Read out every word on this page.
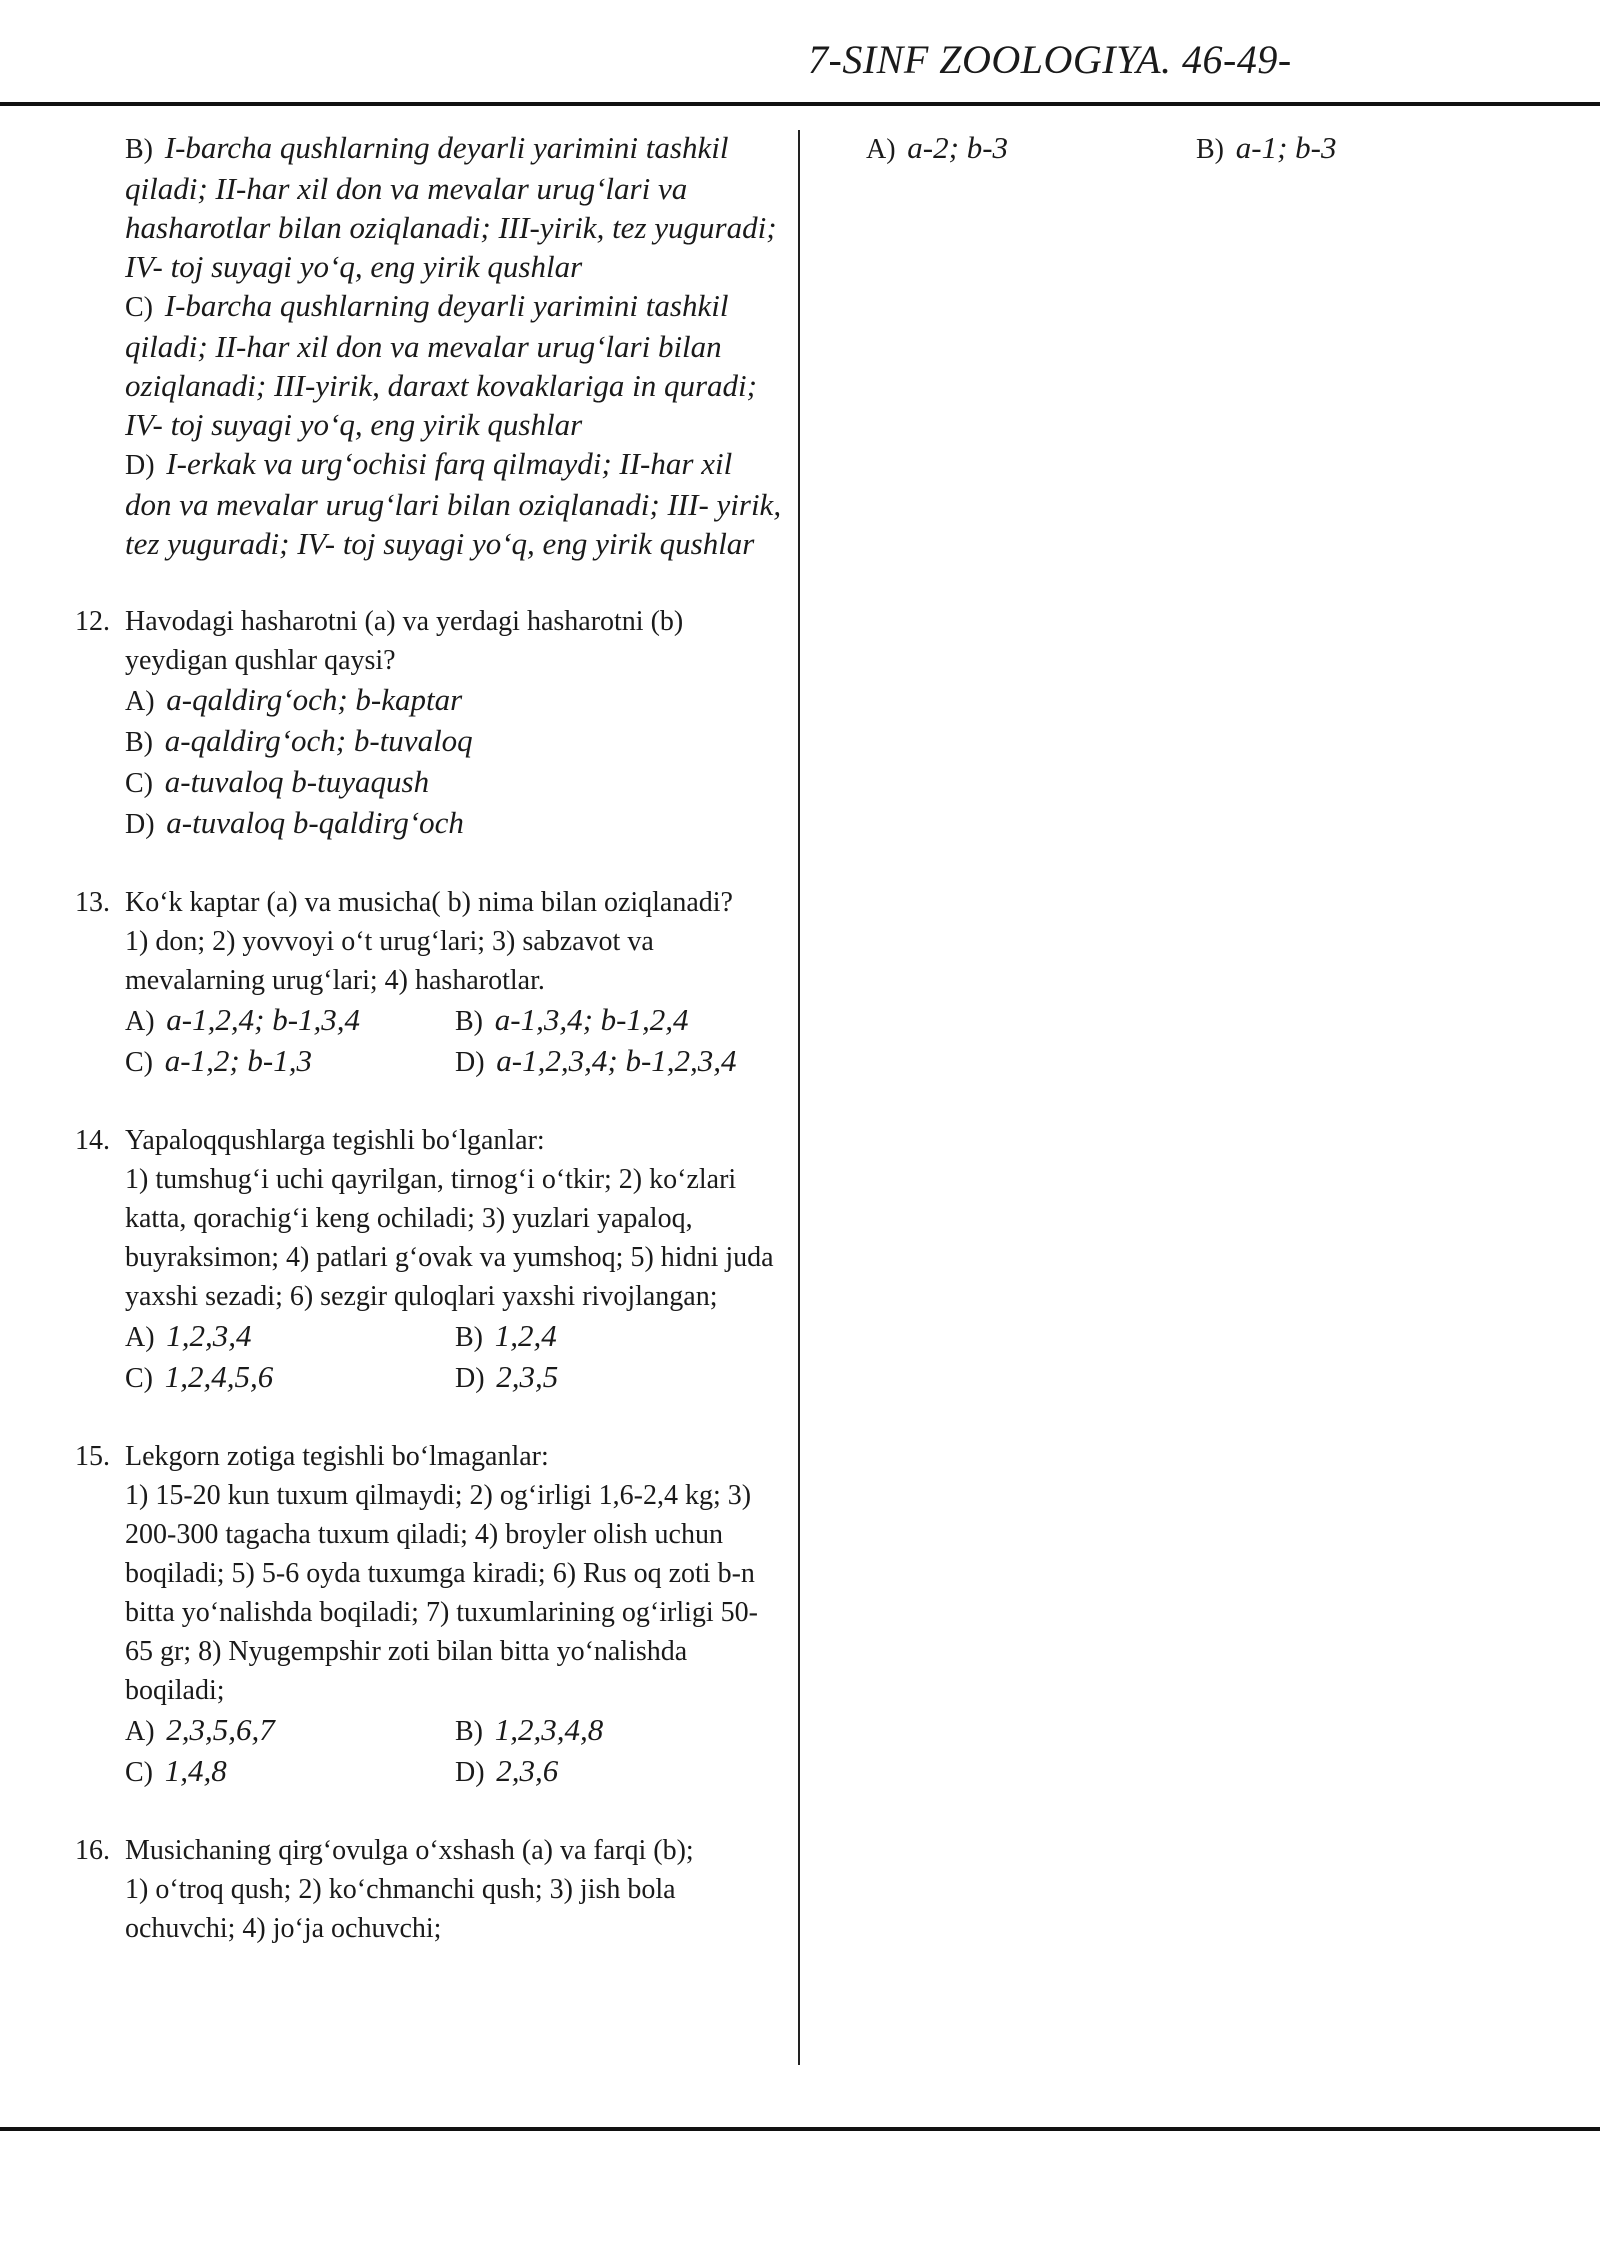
7-SINF ZOOLOGIYA. 46-49-
B) I-barcha qushlarning deyarli yarimini tashkil qiladi; II-har xil don va mevalar urug‘lari va hasharotlar bilan oziqlanadi; III-yirik, tez yuguradi; IV- toj suyagi yo‘q, eng yirik qushlar
C) I-barcha qushlarning deyarli yarimini tashkil qiladi; II-har xil don va mevalar urug‘lari bilan oziqlanadi; III-yirik, daraxt kovaklariga in quradi; IV- toj suyagi yo‘q, eng yirik qushlar
D) I-erkak va urg‘ochisi farq qilmaydi; II-har xil don va mevalar urug‘lari bilan oziqlanadi; III- yirik, tez yuguradi; IV- toj suyagi yo‘q, eng yirik qushlar
12. Havodagi hasharotni (a) va yerdagi hasharotni (b) yeydigan qushlar qaysi?
A) a-qaldirg‘och; b-kaptar
B) a-qaldirg‘och; b-tuvaloq
C) a-tuvaloq b-tuyaqush
D) a-tuvaloq b-qaldirg‘och
13. Ko‘k kaptar (a) va musicha( b) nima bilan oziqlanadi?
1) don; 2) yovvoyi o‘t urug‘lari; 3) sabzavot va mevalarning urug‘lari; 4) hasharotlar.
A) a-1,2,4; b-1,3,4	B) a-1,3,4; b-1,2,4
C) a-1,2; b-1,3	D) a-1,2,3,4; b-1,2,3,4
14. Yapaloqqushlarga tegishli bo‘lganlar:
1) tumshug‘i uchi qayrilgan, tirnog‘i o‘tkir; 2) ko‘zlari katta, qorachig‘i keng ochiladi; 3) yuzlari yapaloq, buyraksimon; 4) patlari g‘ovak va yumshoq; 5) hidni juda yaxshi sezadi; 6) sezgir quloqlari yaxshi rivojlangan;
A) 1,2,3,4	B) 1,2,4
C) 1,2,4,5,6	D) 2,3,5
15. Lekgorn zotiga tegishli bo‘lmaganlar:
1) 15-20 kun tuxum qilmaydi; 2) og‘irligi 1,6-2,4 kg; 3) 200-300 tagacha tuxum qiladi; 4) broyler olish uchun boqiladi; 5) 5-6 oyda tuxumga kiradi; 6) Rus oq zoti b-n bitta yo‘nalishda boqiladi; 7) tuxumlarining og‘irligi 50-65 gr; 8) Nyugempshir zoti bilan bitta yo‘nalishda boqiladi;
A) 2,3,5,6,7	B) 1,2,3,4,8
C) 1,4,8	D) 2,3,6
16. Musichaning qirg‘ovulga o‘xshash (a) va farqi (b);
1) o‘troq qush; 2) ko‘chmanchi qush; 3) jish bola ochuvchi; 4) jo‘ja ochuvchi;
A) a-2; b-3	B) a-1; b-3
